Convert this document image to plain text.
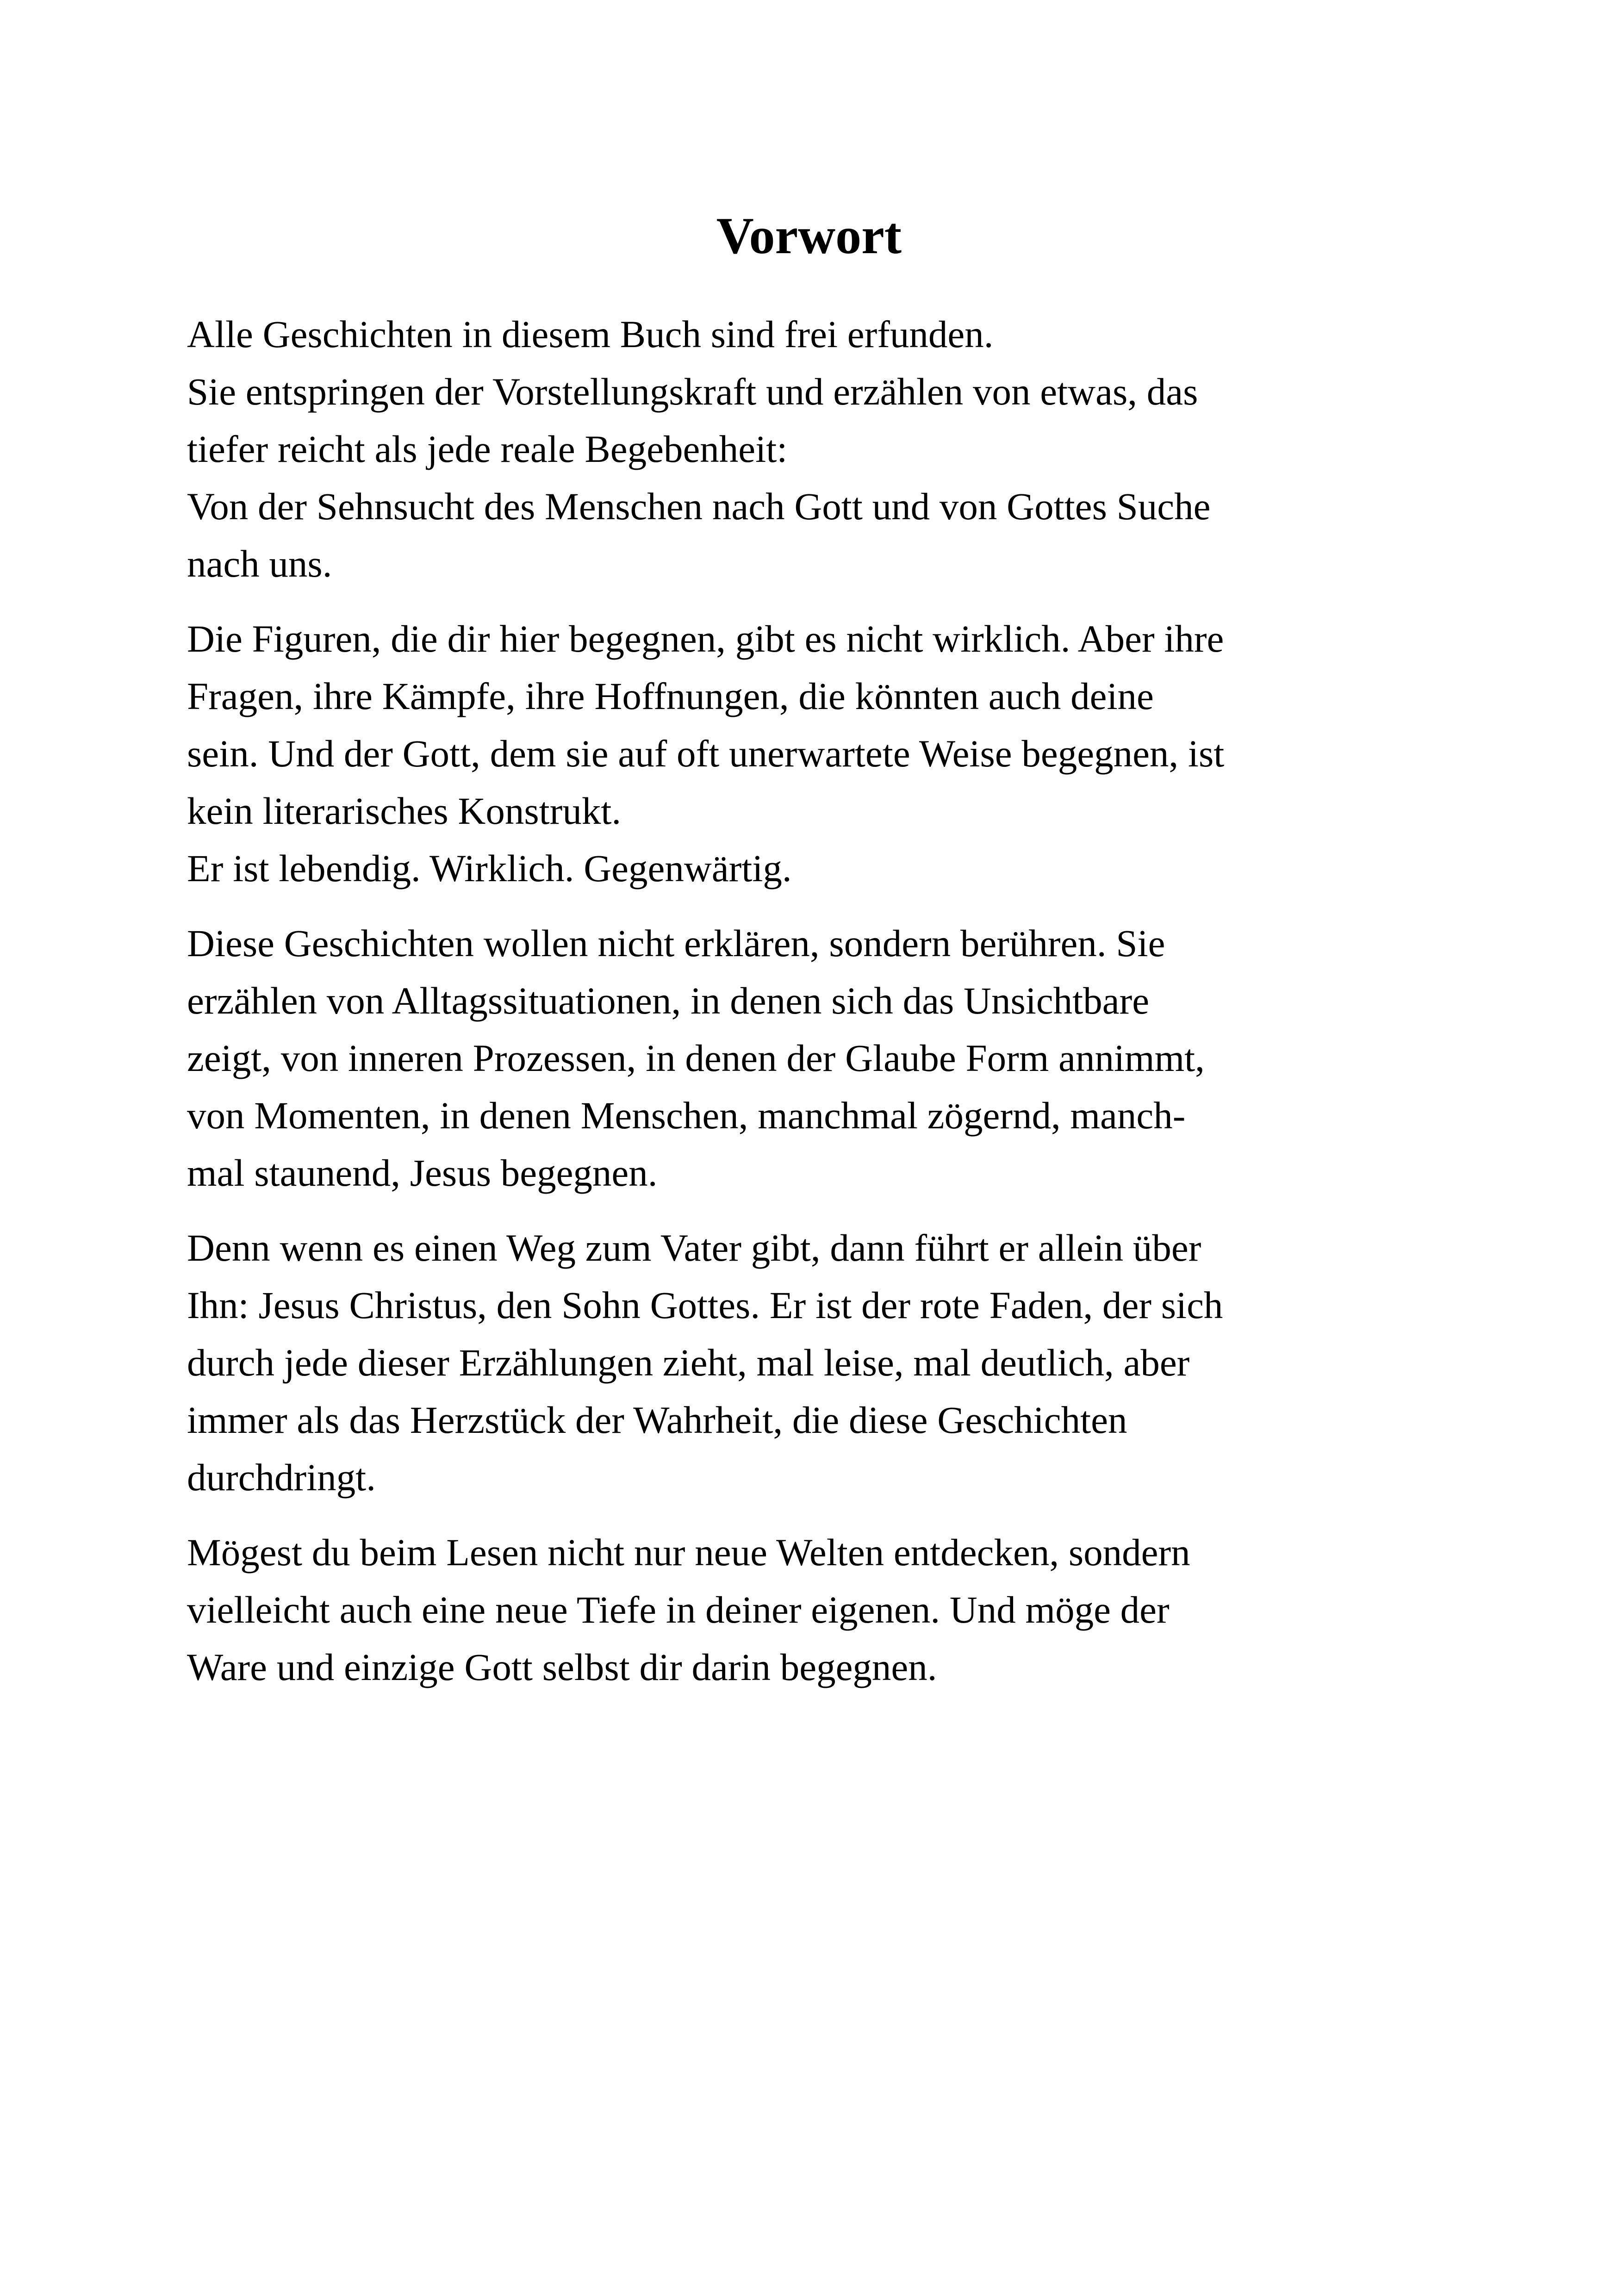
Vorwort

Alle Geschichten in diesem Buch sind frei erfunden.
Sie entspringen der Vorstellungskraft und erzählen von etwas, das
tiefer reicht als jede reale Begebenheit:
Von der Sehnsucht des Menschen nach Gott und von Gottes Suche
nach uns.

Die Figuren, die dir hier begegnen, gibt es nicht wirklich. Aber ihre
Fragen, ihre Kämpfe, ihre Hoffnungen, die könnten auch deine
sein. Und der Gott, dem sie auf oft unerwartete Weise begegnen, ist
kein literarisches Konstrukt.
Er ist lebendig. Wirklich. Gegenwärtig.

Diese Geschichten wollen nicht erklären, sondern berühren. Sie
erzählen von Alltagssituationen, in denen sich das Unsichtbare
zeigt, von inneren Prozessen, in denen der Glaube Form annimmt,
von Momenten, in denen Menschen, manchmal zögernd, manch-
mal staunend, Jesus begegnen.

Denn wenn es einen Weg zum Vater gibt, dann führt er allein über
Ihn: Jesus Christus, den Sohn Gottes. Er ist der rote Faden, der sich
durch jede dieser Erzählungen zieht, mal leise, mal deutlich, aber
immer als das Herzstück der Wahrheit, die diese Geschichten
durchdringt.

Mögest du beim Lesen nicht nur neue Welten entdecken, sondern
vielleicht auch eine neue Tiefe in deiner eigenen. Und möge der
Ware und einzige Gott selbst dir darin begegnen.
